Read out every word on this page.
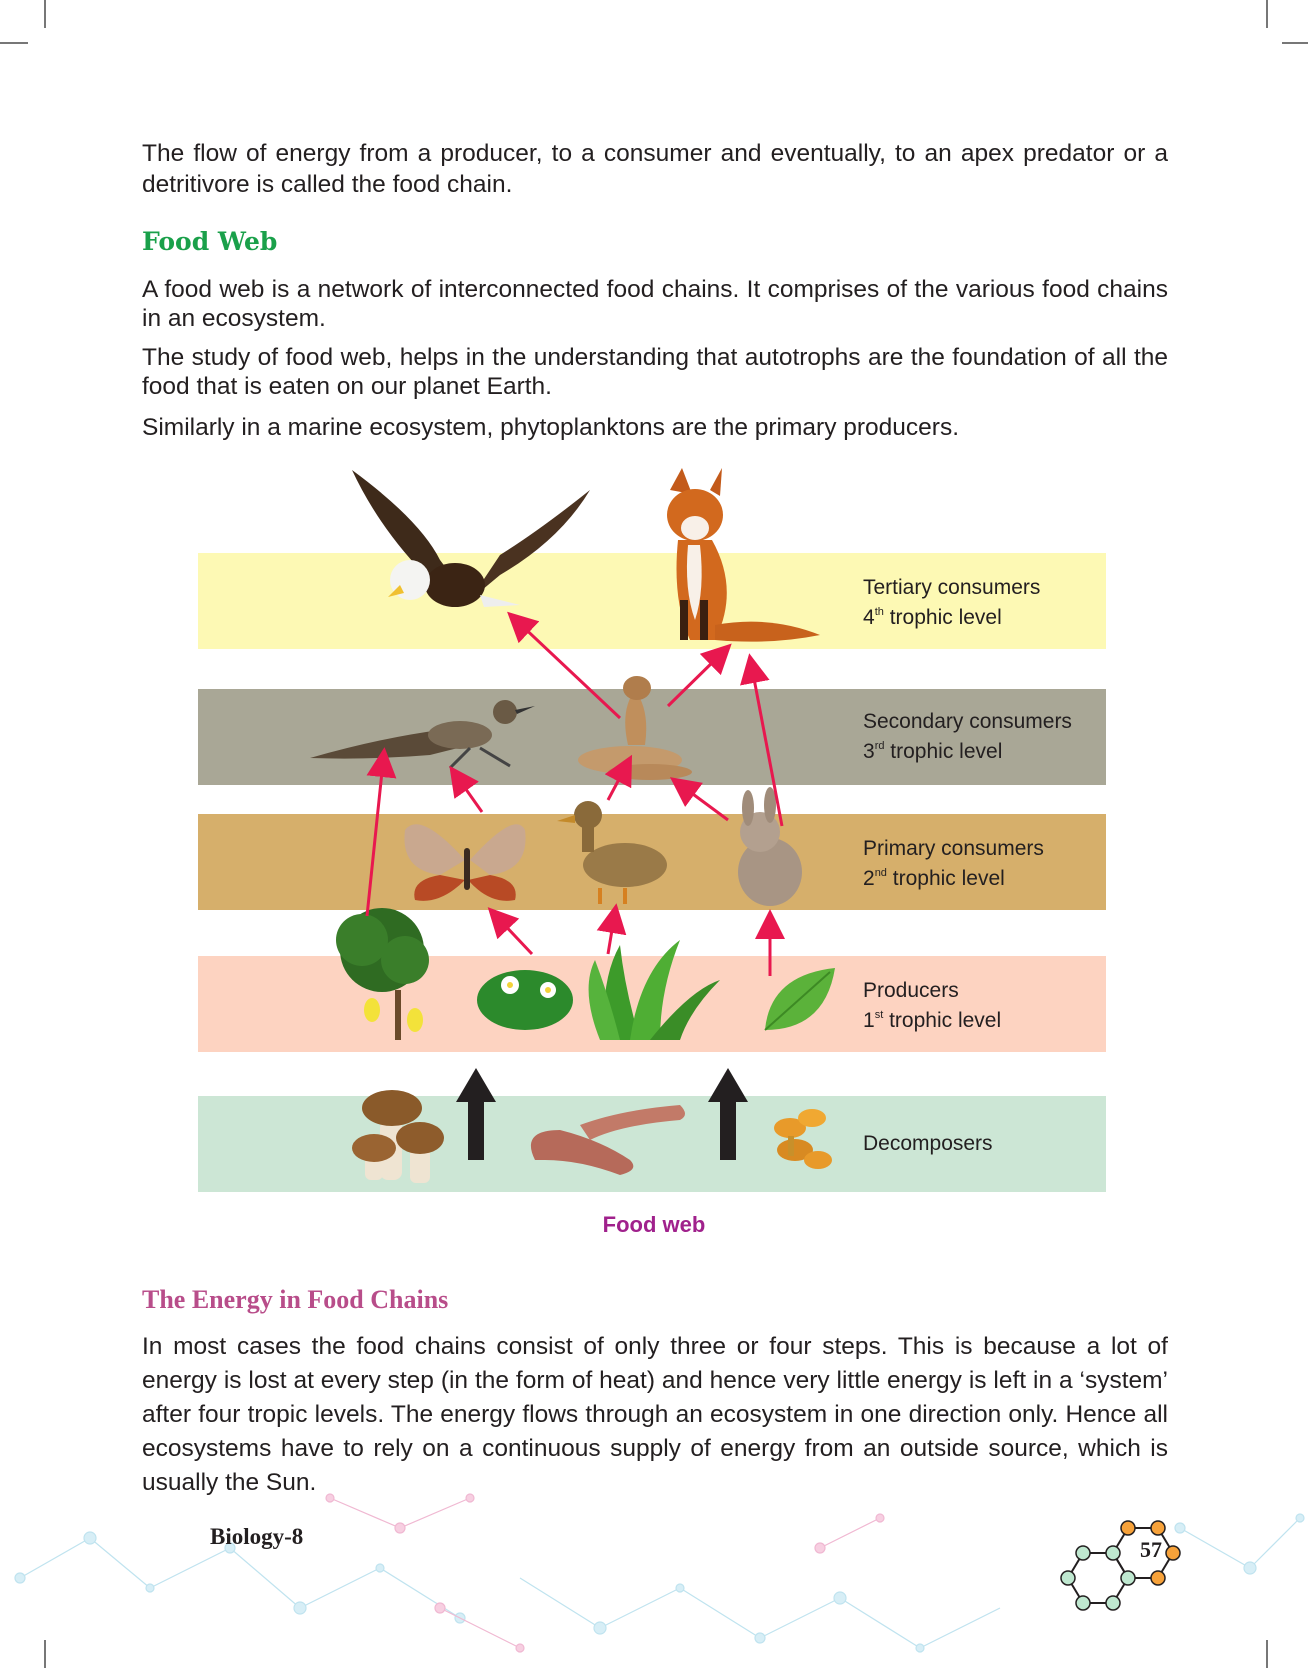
The flow of energy from a producer, to a consumer and eventually, to an apex predator or a detritivore is called the food chain.

Food Web

A food web is a network of interconnected food chains. It comprises of the various food chains in an ecosystem.

The study of food web, helps in the understanding that autotrophs are the foundation of all the food that is eaten on our planet Earth.

Similarly in a marine ecosystem, phytoplanktons are the primary producers.

Tertiary consumers
4th trophic level
Secondary consumers
3rd trophic level
Primary consumers
2nd trophic level
Producers
1st trophic level
Decomposers
Food web
The Energy in Food Chains

In most cases the food chains consist of only three or four steps. This is because a lot of energy is lost at every step (in the form of heat) and hence very little energy is left in a ‘system’ after four tropic levels. The energy flows through an ecosystem in one direction only. Hence all ecosystems have to rely on a continuous supply of energy from an outside source, which is usually the Sun.

Biology-8
57
